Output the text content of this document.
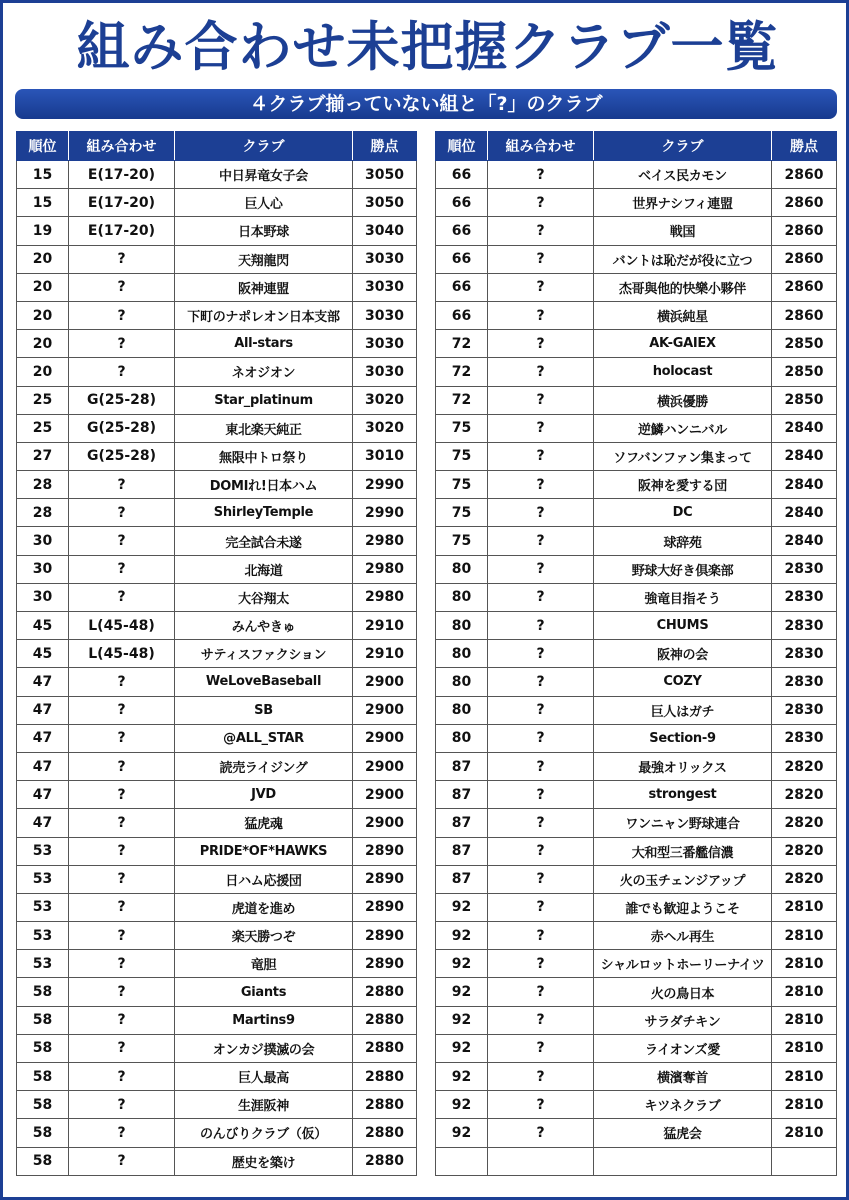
組み合わせ未把握クラブ一覧
４クラブ揃っていない組と「?」のクラブ
順位	組み合わせ	クラブ	勝点
15	E(17-20)	中日昇竜女子会	3050
15	E(17-20)	巨人心	3050
19	E(17-20)	日本野球	3040
20	?	天翔龍閃	3030
20	?	阪神連盟	3030
20	?	下町のナポレオン日本支部	3030
20	?	All-stars	3030
20	?	ネオジオン	3030
25	G(25-28)	Star_platinum	3020
25	G(25-28)	東北楽天純正	3020
27	G(25-28)	無限中トロ祭り	3010
28	?	DOMIれ!日本ハム	2990
28	?	ShirleyTemple	2990
30	?	完全試合未遂	2980
30	?	北海道	2980
30	?	大谷翔太	2980
45	L(45-48)	みんやきゅ	2910
45	L(45-48)	サティスファクション	2910
47	?	WeLoveBaseball	2900
47	?	SB	2900
47	?	@ALL_STAR	2900
47	?	読売ライジング	2900
47	?	JVD	2900
47	?	猛虎魂	2900
53	?	PRIDE*OF*HAWKS	2890
53	?	日ハム応援団	2890
53	?	虎道を進め	2890
53	?	楽天勝つぞ	2890
53	?	竜胆	2890
58	?	Giants	2880
58	?	Martins9	2880
58	?	オンカジ撲滅の会	2880
58	?	巨人最高	2880
58	?	生涯阪神	2880
58	?	のんびりクラブ（仮）	2880
58	?	歴史を築け	2880
順位	組み合わせ	クラブ	勝点
66	?	ベイス民カモン	2860
66	?	世界ナシフィ連盟	2860
66	?	戦国	2860
66	?	バントは恥だが役に立つ	2860
66	?	杰哥與他的快樂小夥伴	2860
66	?	横浜純星	2860
72	?	AK-GAIEX	2850
72	?	holocast	2850
72	?	横浜優勝	2850
75	?	逆鱗ハンニバル	2840
75	?	ソフバンファン集まって	2840
75	?	阪神を愛する団	2840
75	?	DC	2840
75	?	球辞苑	2840
80	?	野球大好き倶楽部	2830
80	?	強竜目指そう	2830
80	?	CHUMS	2830
80	?	阪神の会	2830
80	?	COZY	2830
80	?	巨人はガチ	2830
80	?	Section-9	2830
87	?	最強オリックス	2820
87	?	strongest	2820
87	?	ワンニャン野球連合	2820
87	?	大和型三番艦信濃	2820
87	?	火の玉チェンジアップ	2820
92	?	誰でも歓迎ようこそ	2810
92	?	赤ヘル再生	2810
92	?	シャルロットホーリーナイツ	2810
92	?	火の鳥日本	2810
92	?	サラダチキン	2810
92	?	ライオンズ愛	2810
92	?	横濱奪首	2810
92	?	キツネクラブ	2810
92	?	猛虎会	2810
